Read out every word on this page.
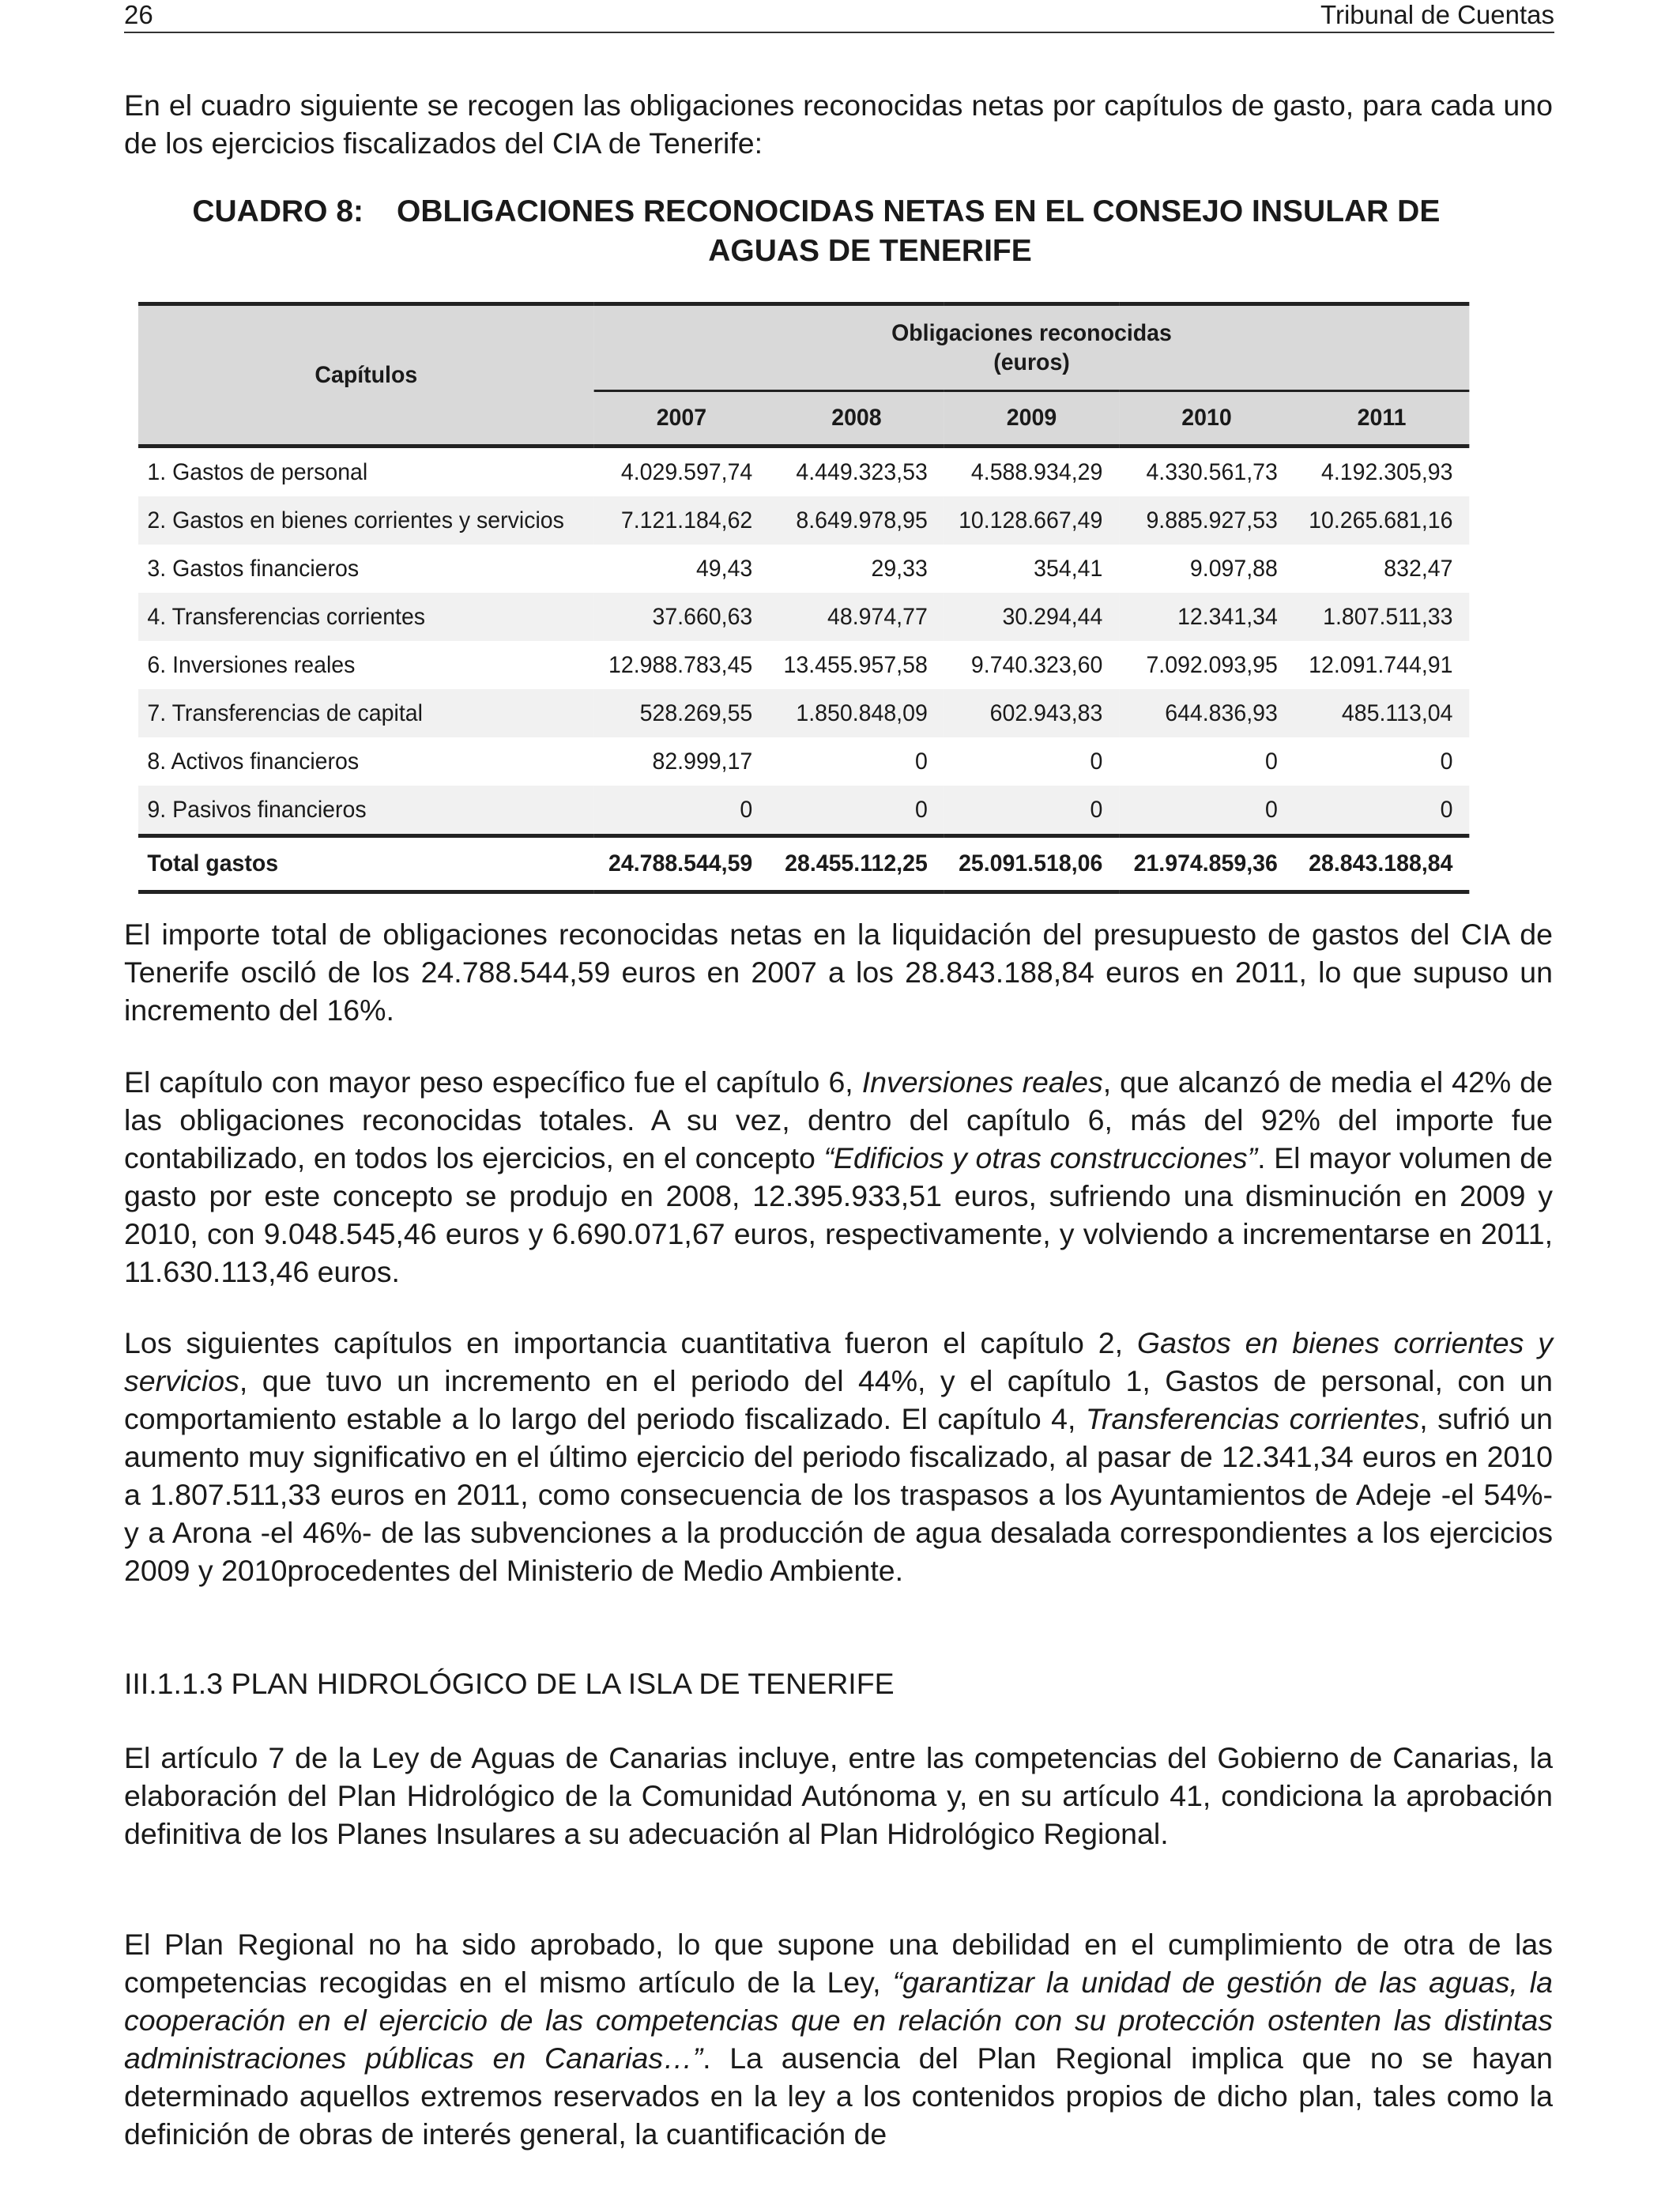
26	Tribunal de Cuentas

En el cuadro siguiente se recogen las obligaciones reconocidas netas por capítulos de gasto, para cada uno de los ejercicios fiscalizados del CIA de Tenerife:

CUADRO 8:	OBLIGACIONES RECONOCIDAS NETAS EN EL CONSEJO INSULAR DE
AGUAS DE TENERIFE
Capítulos	Obligaciones reconocidas
(euros)				

	2007	2008	2009	2010	2011
1. Gastos de personal	4.029.597,74	4.449.323,53	4.588.934,29	4.330.561,73	4.192.305,93
2. Gastos en bienes corrientes y servicios	7.121.184,62	8.649.978,95	10.128.667,49	9.885.927,53	10.265.681,16
3. Gastos financieros	49,43	29,33	354,41	9.097,88	832,47
4. Transferencias corrientes	37.660,63	48.974,77	30.294,44	12.341,34	1.807.511,33
6. Inversiones reales	12.988.783,45	13.455.957,58	9.740.323,60	7.092.093,95	12.091.744,91
7. Transferencias de capital	528.269,55	1.850.848,09	602.943,83	644.836,93	485.113,04
8. Activos financieros	82.999,17	0	0	0	0
9. Pasivos financieros	0	0	0	0	0
Total gastos	24.788.544,59	28.455.112,25	25.091.518,06	21.974.859,36	28.843.188,84

El importe total de obligaciones reconocidas netas en la liquidación del presupuesto de gastos del CIA de Tenerife osciló de los 24.788.544,59 euros en 2007 a los 28.843.188,84 euros en 2011, lo que supuso un incremento del 16%.

El capítulo con mayor peso específico fue el capítulo 6, Inversiones reales, que alcanzó de media el 42% de las obligaciones reconocidas totales. A su vez, dentro del capítulo 6, más del 92% del importe fue contabilizado, en todos los ejercicios, en el concepto “Edificios y otras construcciones”. El mayor volumen de gasto por este concepto se produjo en 2008, 12.395.933,51 euros, sufriendo una disminución en 2009 y 2010, con 9.048.545,46 euros y 6.690.071,67 euros, respectivamente, y volviendo a incrementarse en 2011, 11.630.113,46 euros.

Los siguientes capítulos en importancia cuantitativa fueron el capítulo 2, Gastos en bienes corrientes y servicios, que tuvo un incremento en el periodo del 44%, y el capítulo 1, Gastos de personal, con un comportamiento estable a lo largo del periodo fiscalizado. El capítulo 4, Transferencias corrientes, sufrió un aumento muy significativo en el último ejercicio del periodo fiscalizado, al pasar de 12.341,34 euros en 2010 a 1.807.511,33 euros en 2011, como consecuencia de los traspasos a los Ayuntamientos de Adeje -el 54%- y a Arona -el 46%- de las subvenciones a la producción de agua desalada correspondientes a los ejercicios 2009 y 2010procedentes del Ministerio de Medio Ambiente.

III.1.1.3 PLAN HIDROLÓGICO DE LA ISLA DE TENERIFE

El artículo 7 de la Ley de Aguas de Canarias incluye, entre las competencias del Gobierno de Canarias, la elaboración del Plan Hidrológico de la Comunidad Autónoma y, en su artículo 41, condiciona la aprobación definitiva de los Planes Insulares a su adecuación al Plan Hidrológico Regional.

El Plan Regional no ha sido aprobado, lo que supone una debilidad en el cumplimiento de otra de las competencias recogidas en el mismo artículo de la Ley, “garantizar la unidad de gestión de las aguas, la cooperación en el ejercicio de las competencias que en relación con su protección ostenten las distintas administraciones públicas en Canarias…”. La ausencia del Plan Regional implica que no se hayan determinado aquellos extremos reservados en la ley a los contenidos propios de dicho plan, tales como la definición de obras de interés general, la cuantificación de
